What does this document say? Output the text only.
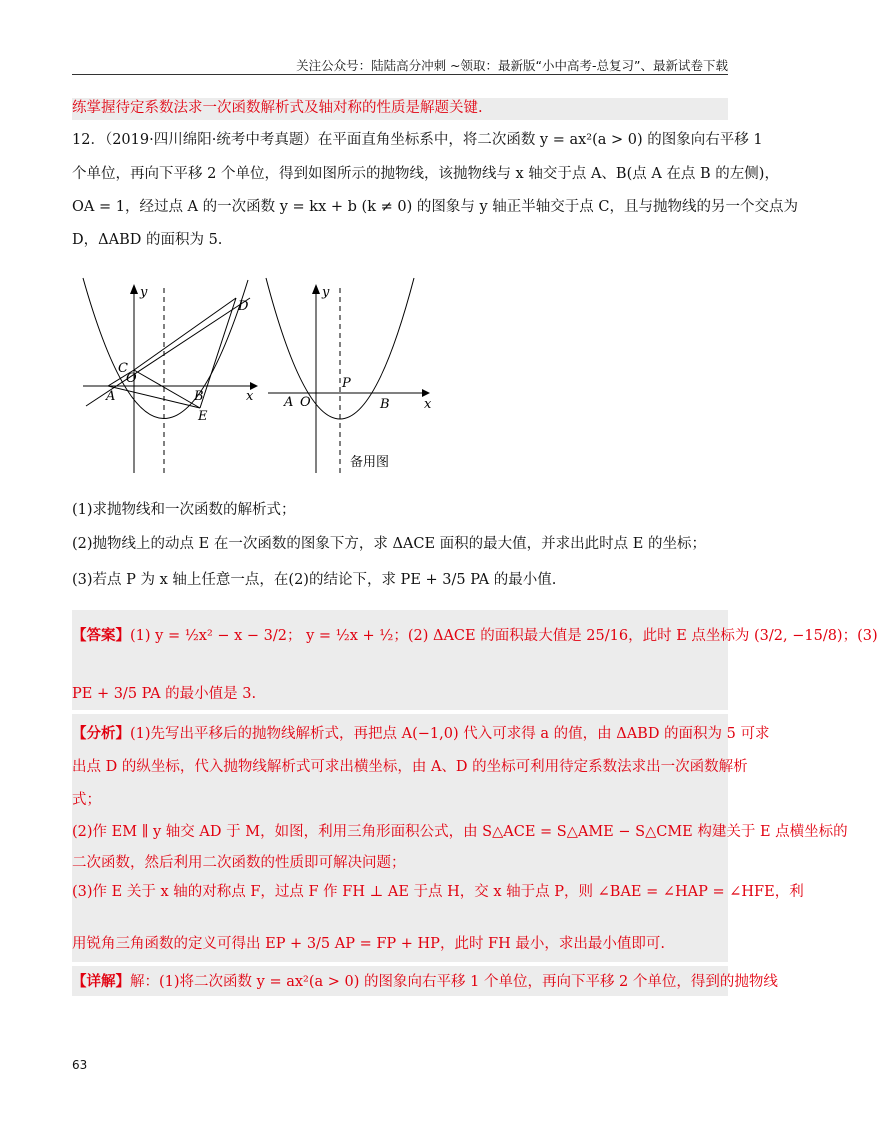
关注公众号：陆陆高分冲刺 ~领取：最新版“小中高考-总复习”、最新试卷下载
练掌握待定系数法求一次函数解析式及轴对称的性质是解题关键.
12．（2019·四川绵阳·统考中考真题）在平面直角坐标系中，将二次函数 y = ax²(a > 0) 的图象向右平移 1
个单位，再向下平移 2 个单位，得到如图所示的抛物线，该抛物线与 x 轴交于点 A、B(点 A 在点 B 的左侧)，
OA = 1，经过点 A 的一次函数 y = kx + b (k ≠ 0) 的图象与 y 轴正半轴交于点 C，且与抛物线的另一个交点为
D，ΔABD 的面积为 5.
y
x
O
C
A	B
E
D
y
x
O
A
P
B
备用图
(1)求抛物线和一次函数的解析式；
(2)抛物线上的动点 E 在一次函数的图象下方，求 ΔACE 面积的最大值，并求出此时点 E 的坐标；
(3)若点 P 为 x 轴上任意一点，在(2)的结论下，求 PE + 3/5 PA 的最小值.
【答案】(1) y = ½x² − x − 3/2； y = ½x + ½；(2) ΔACE 的面积最大值是 25/16，此时 E 点坐标为 (3/2, −15/8)；(3)
PE + 3/5 PA 的最小值是 3.
【分析】(1)先写出平移后的抛物线解析式，再把点 A(−1,0) 代入可求得 a 的值，由 ΔABD 的面积为 5 可求
出点 D 的纵坐标，代入抛物线解析式可求出横坐标，由 A、D 的坐标可利用待定系数法求出一次函数解析
式；
(2)作 EM ∥ y 轴交 AD 于 M，如图，利用三角形面积公式，由 S△ACE = S△AME − S△CME 构建关于 E 点横坐标的
二次函数，然后利用二次函数的性质即可解决问题；
(3)作 E 关于 x 轴的对称点 F，过点 F 作 FH ⊥ AE 于点 H，交 x 轴于点 P，则 ∠BAE = ∠HAP = ∠HFE，利
用锐角三角函数的定义可得出 EP + 3/5 AP = FP + HP，此时 FH 最小，求出最小值即可.
【详解】解：(1)将二次函数 y = ax²(a > 0) 的图象向右平移 1 个单位，再向下平移 2 个单位，得到的抛物线
63
